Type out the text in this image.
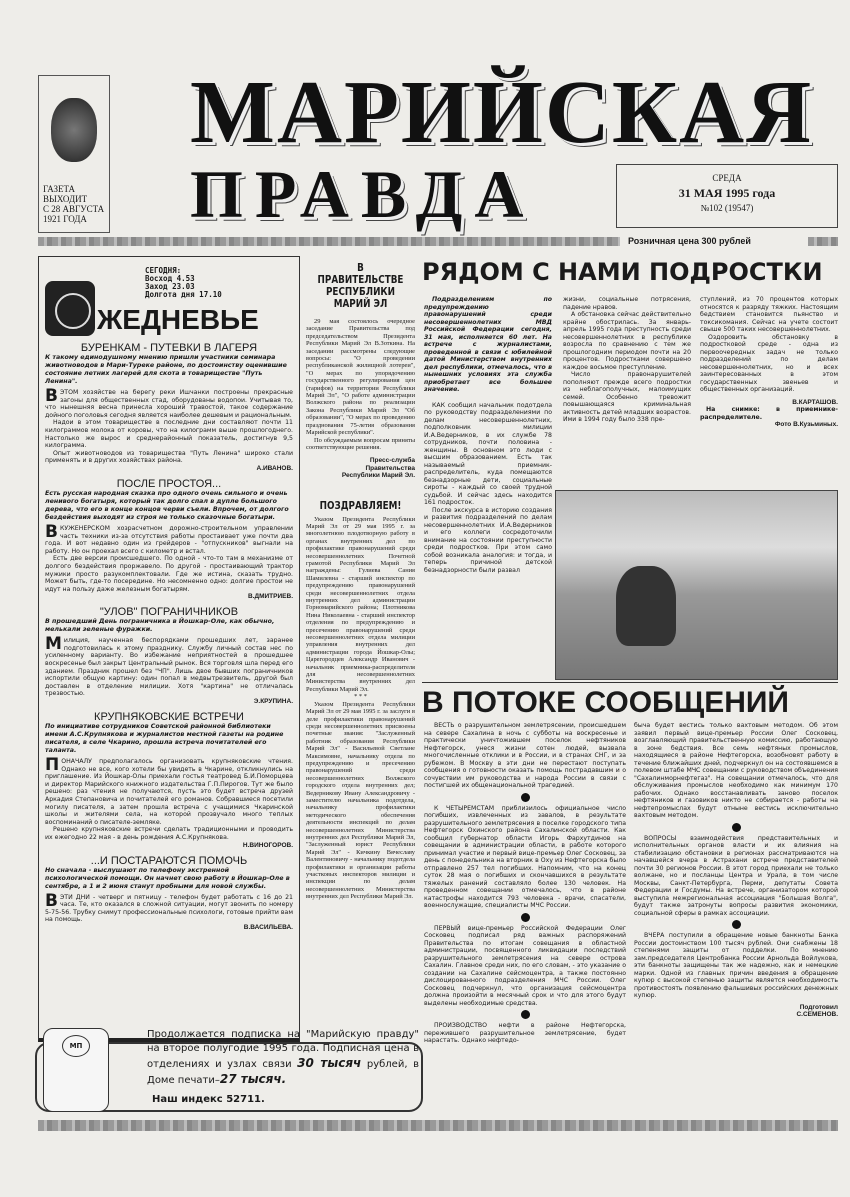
ГАЗЕТА ВЫХОДИТ
С 28 АВГУСТА
1921 ГОДА
МАРИЙСКАЯ
ПРАВДА	СРЕДА
31 МАЯ 1995 года
№102 (19547)
Розничная цена 300 рублей
ЖЕДНЕВЬЕ
СЕГОДНЯ:
Восход 4.53
Заход 23.03
Долгота дня 17.10
БУРЕНКАМ - ПУТЕВКИ В ЛАГЕРЯ
К такому единодушному мнению пришли участники семинара животноводов в Мари-Туреке районе, по достоинству оценившие состояние летних лагерей для скота в товариществе "Путь Ленина".

ВЭТОМ хозяйстве на берегу реки Ишчанки построены прекрасные загоны для общественных стад, оборудованы водопои. Учитывая то, что нынешняя весна принесла хороший травостой, такое содержание дойного поголовья сегодня является наиболее дешевым и рациональным.

Надои в этом товариществе в последние дни составляют почти 11 килограммов молока от коровы, что на килограмм выше прошлогоднего. Настолько же вырос и среднерайонный показатель, достигнув 9,5 килограмма.

Опыт животноводов из товарищества "Путь Ленина" широко стали применять и в других хозяйствах района.

А.ИВАНОВ.
ПОСЛЕ ПРОСТОЯ...
Есть русская народная сказка про одного очень сильного и очень ленивого богатыря, который так долго спал в дупле большого дерева, что его в конце концов черви съели. Впрочем, от долгого бездействия выходят из строя не только сказочные богатыри.

ВКУЖЕНЕРСКОМ хозрасчетном дорожно-строительном управлении часть техники из-за отсутствия работы простаивает уже почти два года. И вот недавно один из грейдеров - "отпускников" выгнали на работу. Но он проехал всего с километр и встал.

Есть две версии происшедшего. По одной - что-то там в механизме от долгого бездействия проржавело. По другой - простаивающий трактор мужики просто разукомплектовали. Где же истина, сказать трудно. Может быть, где-то посередине. Но несомненно одно: долгие простои не идут на пользу даже железным богатырям.

В.ДМИТРИЕВ.
"УЛОВ" ПОГРАНИЧНИКОВ
В прошедший День пограничника в Йошкар-Оле, как обычно, мелькали зеленые фуражки.

Милиция, наученная беспорядками прошедших лет, заранее подготовилась к этому празднику. Службу личный состав нес по усиленному варианту. Во избежание неприятностей в прошедшее воскресенье был закрыт Центральный рынок. Вся торговля шла перед его зданием. Праздник прошел без "ЧП". Лишь двое бывших пограничников испортили общую картину: один попал в медвытрезвитель, другой был доставлен в отделение милиции. Хотя "картина" не отличалась трезвостью.

Э.КРУПИНА.
КРУПНЯКОВСКИЕ ВСТРЕЧИ
По инициативе сотрудников Советской районной библиотеки имени А.С.Крупнякова и журналистов местной газеты на родине писателя, в селе Чкарино, прошла встреча почитателей его таланта.

ПОНАЧАЛУ предполагалось организовать крупняковские чтения. Однако не все, кого хотели бы увидеть в Чкарине, откликнулись на приглашение. Из Йошкар-Олы приехали гостья театровед Б.И.Поморцева и директор Марийского книжного издательства Г.П.Пирогов. Тут же было решено: раз чтения не получаются, пусть это будет встреча друзей Аркадия Степановича и почитателей его романов. Собравшиеся посетили могилу писателя, а затем прошла встреча с учащимися Чкаринской школы и жителями села, на которой прозвучало много теплых воспоминаний о писателе-земляке.

Решено крупняковские встречи сделать традиционными и проводить их ежегодно 22 мая - в день рождения А.С.Крупнякова.

Н.ВИНОГОРОВ.
...И ПОСТАРАЮТСЯ ПОМОЧЬ
Но сначала - выслушают по телефону экстренной психологической помощи. Он начнет свою работу в Йошкар-Оле в сентябре, а 1 и 2 июня станут пробными для новой службы.

ВЭТИ ДНИ - четверг и пятницу - телефон будет работать с 16 до 21 часа. Те, кто оказался в сложной ситуации, могут звонить по номеру 5-75-56. Трубку снимут профессиональные психологи, готовые прийти вам на помощь.

В.ВАСИЛЬЕВА.
В ПРАВИТЕЛЬСТВЕ РЕСПУБЛИКИ МАРИЙ ЭЛ

29 мая состоялось очередное заседание Правительства под председательством Президента Республики Марий Эл В.Зоткина. На заседании рассмотрены следующие вопросы: "О проведении республиканской жилищной лотереи", "О мерах по упорядочению государственного регулирования цен (тарифов) на территории Республики Марий Эл", "О работе администрации Волжского района по реализации Закона Республики Марий Эл "Об образовании", "О мерах по проведению празднования 75-летия образования Марийской республики".

По обсуждаемым вопросам приняты соответствующие решения.

Пресс-служба
Правительства
Республики Марий Эл.
ПОЗДРАВЛЯЕМ!

Указом Президента Республики Марий Эл от 29 мая 1995 г. за многолетнюю плодотворную работу в органах внутренних дел по профилактике правонарушений среди несовершеннолетних Почетной грамотой Республики Марий Эл награждены: Гулиева Сания Шамилевна - старший инспектор по предупреждению правонарушений среди несовершеннолетних отдела внутренних дел администрации Горномарийского района; Плотникова Нина Николаевна - старший инспектор отделения по предупреждению и пресечению правонарушений среди несовершеннолетних отдела милиции управления внутренних дел администрации города Йошкар-Олы; Царегородцев Александр Иванович - начальник приемника-распределителя для несовершеннолетних Министерства внутренних дел Республики Марий Эл.

* * *

Указом Президента Республики Марий Эл от 29 мая 1995 г. за заслуги в деле профилактики правонарушений среди несовершеннолетних присвоены почетные звания: "Заслуженный работник образования Республики Марий Эл" - Васильевой Светлане Максимовне, начальнику отдела по предупреждению и пресечению правонарушений среди несовершеннолетних Волжского городского отдела внутренних дел; Ведерникову Ивану Александровичу - заместителю начальника подотдела, начальнику профилактики методического обеспечения деятельности инспекций по делам несовершеннолетних Министерства внутренних дел Республики Марий Эл, "Заслуженный юрист Республики Марий Эл" - Кичкину Вячеславу Валентиновичу - начальнику подотдела профилактики и организации работы участковых инспекторов милиции и инспекции по делам несовершеннолетних Министерства внутренних дел Республики Марий Эл.

РЯДОМ С НАМИ ПОДРОСТКИ

Подразделениям по предупреждению правонарушений среди несовершеннолетних МВД Российской Федерации сегодня, 31 мая, исполняется 60 лет. На встрече с журналистами, проведенной в связи с юбилейной датой Министерством внутренних дел республики, отмечалось, что в нынешних условиях эта служба приобретает все большее значение.

КАК сообщил начальник подотдела по руководству подразделениями по делам несовершеннолетних, подполковник милиции И.А.Ведерников, в их службе 78 сотрудников, почти половина - женщины. В основном это люди с высшим образованием. Есть так называемый приемник-распределитель, куда помещаются безнадзорные дети, социальные сироты - каждый со своей трудной судьбой. И сейчас здесь находится 161 подросток.

После экскурса в историю создания и развития подразделений по делам несовершеннолетних И.А.Ведерников и его коллеги сосредоточили внимание на состоянии преступности среди подростков. При этом само собой возникала аналогия: и тогда, и теперь причиной детской безнадзорности были развал

жизни, социальные потрясения, падение нравов.

А обстановка сейчас действительно крайне обострилась. За январь-апрель 1995 года преступность среди несовершеннолетних в республике возросла по сравнению с тем же прошлогодним периодом почти на 20 процентов. Подростками совершено каждое восьмое преступление.

Число правонарушителей пополняют прежде всего подростки из неблагополучных, малоимущих семей. Особенно тревожит повышающаяся криминальная активность детей младших возрастов. Ими в 1994 году было 338 пре-

ступлений, из 70 процентов которых относятся к разряду тяжких. Настоящим бедствием становится пьянство и токсикомания. Сейчас на учете состоит свыше 500 таких несовершеннолетних.

Оздоровить обстановку в подростковой среде - одна из первоочередных задач не только подразделений по делам несовершеннолетних, но и всех заинтересованных в этом государственных звеньев и общественных организаций.

В.КАРТАШОВ.
На снимке: в приемнике-распределителе.
Фото В.Кузьминых.
В ПОТОКЕ СООБЩЕНИЙ

ВЕСТЬ о разрушительном землетрясении, происшедшем на севере Сахалина в ночь с субботы на воскресенье и практически уничтожившем поселок нефтяников Нефтегорск, унеся жизни сотен людей, вызвала многочисленные отклики и в России, и в странах СНГ, и за рубежом. В Москву в эти дни не перестают поступать сообщения о готовности оказать помощь пострадавшим и о сочувствии им руководства и народа России в связи с постигшей их общенациональной трагедией.

К ЧЕТЫРЕМСТАМ приблизилось официальное число погибших, извлеченных из завалов, в результате разрушительного землетрясения в поселке городского типа Нефтегорск Охинского района Сахалинской области. Как сообщил губернатор области Игорь Фархутдинов на совещании в администрации области, в работе которого принимал участие и первый вице-премьер Олег Сосковец, за день с понедельника на вторник в Оху из Нефтегорска было отправлено 257 тел погибших. Напомним, что на конец суток 28 мая о погибших и скончавшихся в результате тяжелых ранений составляло более 130 человек. На проведенном совещании отмечалось, что в районе катастрофы находится 793 человека - врачи, спасатели, военнослужащие, специалисты МЧС России.

ПЕРВЫЙ вице-премьер Российской Федерации Олег Сосковец подписал ряд важных распоряжений Правительства по итогам совещания в областной администрации, посвященного ликвидации последствий разрушительного землетрясения на севере острова Сахалин. Главное среди них, по его словам, - это указание о создании на Сахалине сейсмоцентра, а также постоянно дислоцированного подразделения МЧС России. Олег Сосковец подчеркнул, что организация сейсмоцентра должна произойти в месячный срок и что для этого будут выделены необходимые средства.

ПРОИЗВОДСТВО нефти в районе Нефтегорска, пережившего разрушительное землетрясение, будет нарастать. Однако нефтедо-

быча будет вестись только вахтовым методом. Об этом заявил первый вице-премьер России Олег Сосковец, возглавляющий правительственную комиссию, работающую в зоне бедствия. Все семь нефтяных промыслов, находящиеся в районе Нефтегорска, возобновят работу в течение ближайших дней, подчеркнул он на состоявшемся в полевом штабе МЧС совещании с руководством объединения "Сахалинморнефтегаз". На совещании отмечалось, что для обслуживания промыслов необходимо как минимум 170 рабочих. Однако восстанавливать заново поселок нефтяников и газовиков никто не собирается - работы на нефтепромыслах будут отныне вестись исключительно вахтовым методом.

ВОПРОСЫ взаимодействия представительных и исполнительных органов власти и их влияния на стабилизацию обстановки в регионах рассматриваются на начавшейся вчера в Астрахани встрече представителей почти 30 регионов России. В этот город приехали не только волжане, но и посланцы Центра и Урала, в том числе Москвы, Санкт-Петербурга, Перми, депутаты Совета Федерации и Госдумы. На встрече, организатором которой выступила межрегиональная ассоциация "Большая Волга", будут также затронуты вопросы развития экономики, социальной сферы в рамках ассоциации.

ВЧЕРА поступили в обращение новые банкноты Банка России достоинством 100 тысяч рублей. Они снабжены 18 степенями защиты от подделки. По мнению зам.председателя Центробанка России Арнольда Войлукова, эти банкноты защищены так же надежно, как и немецкие марки. Одной из главных причин введения в обращение купюр с высокой степенью защиты является необходимость противостоять появлению фальшивых российских денежных купюр.

Подготовил
С.СЕМЕНОВ.
МП
Продолжается подписка на "Марийскую правду" на второе полугодие 1995 года. Подписная цена в отделениях и узлах связи 30 тысяч рублей, в Доме печати–27 тысяч.
Наш индекс 52711.
